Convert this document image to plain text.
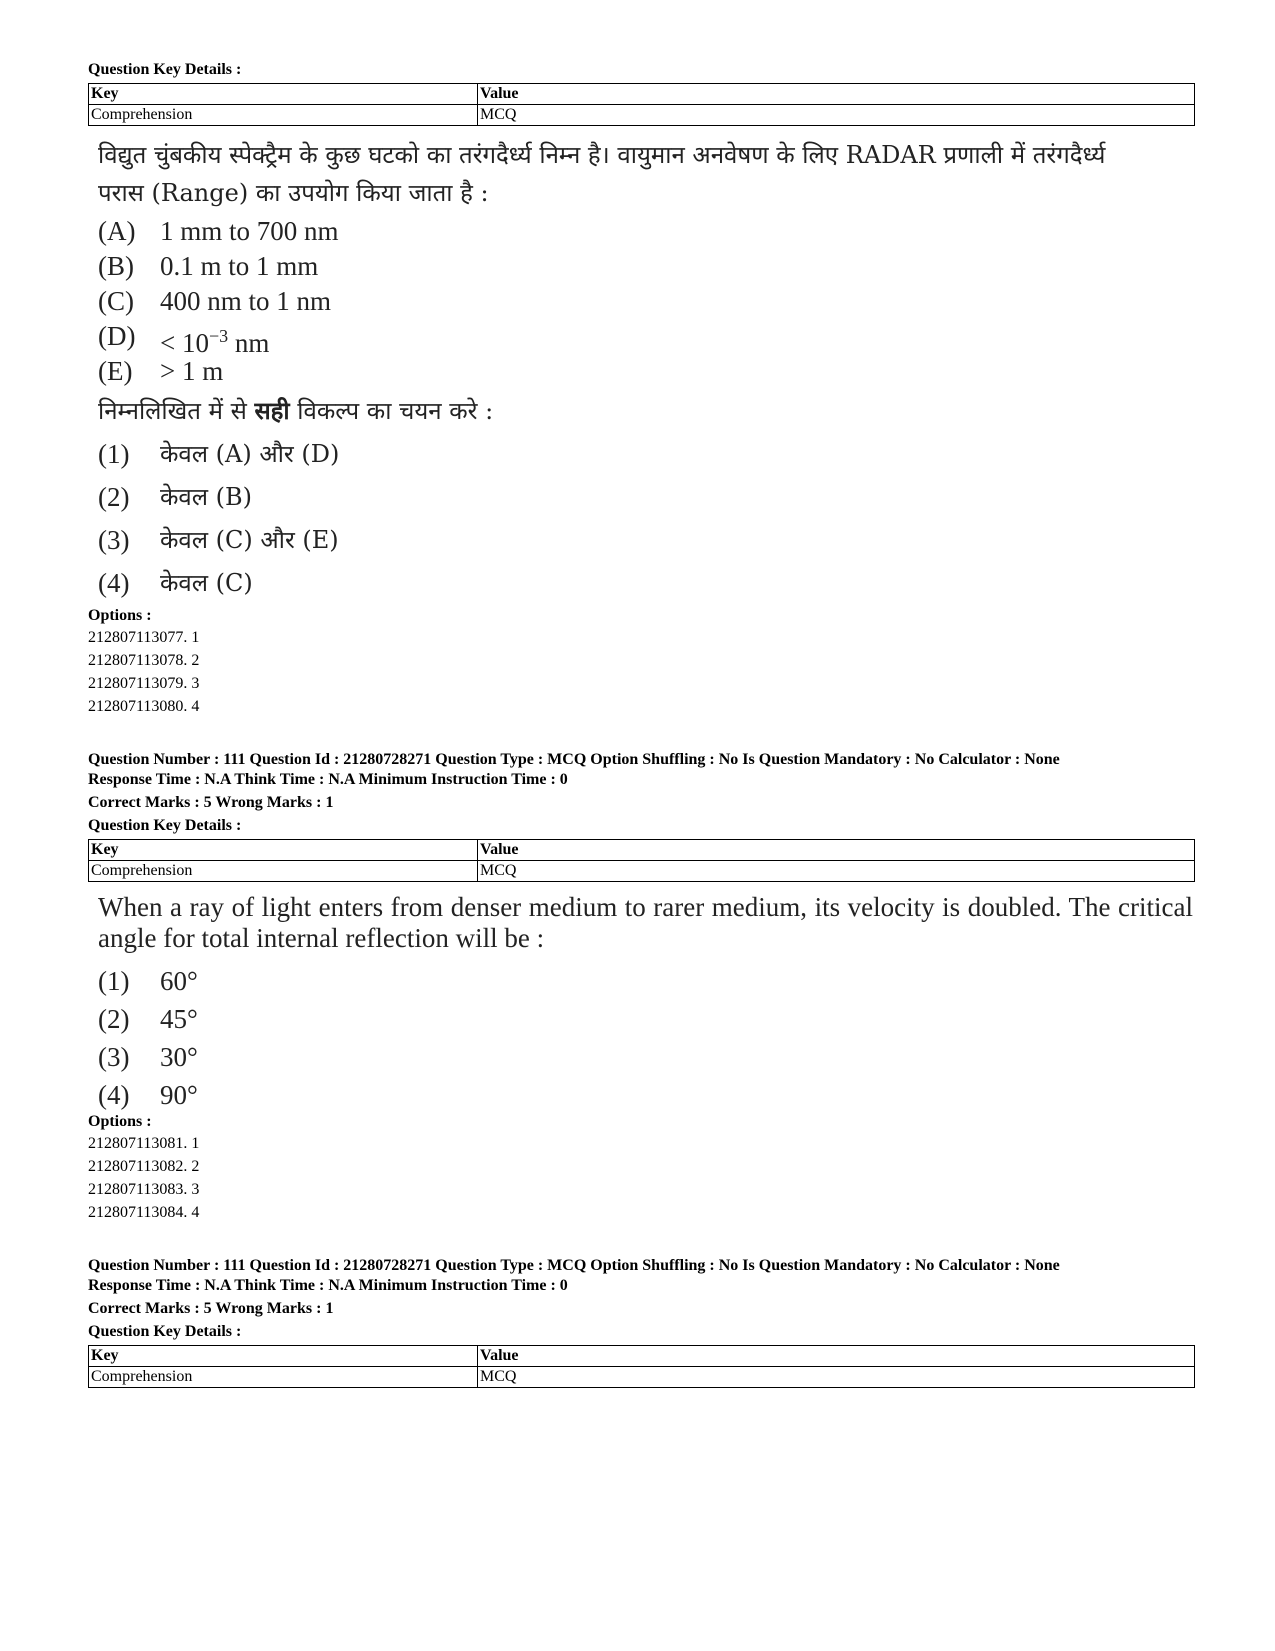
Question Key Details :

Key	Value
Comprehension	MCQ
विद्युत चुंबकीय स्पेक्ट्रैम के कुछ घटको का तरंगदैर्ध्य निम्न है। वायुमान अनवेषण के लिए RADAR प्रणाली में तरंगदैर्ध्य
परास (Range) का उपयोग किया जाता है :
(A) 1 mm to 700 nm
(B) 0.1 m to 1 mm
(C) 400 nm to 1 nm
$(D) < 10^{-3}$ nm
(E)	> 1 m
निम्नलिखित में से सही विकल्प का चयन करे :
(1)	केवल (A) और (D)
(2)	केवल (B)
(3)	केवल (C) और (E)
(4)	केवल (C)

Options :

212807113077. 1

212807113078. 2

212807113079. 3

212807113080. 4

Question Number : 111 Question Id : 21280728271 Question Type : MCQ Option Shuffling : No Is Question Mandatory : No Calculator : None

Response Time : N.A Think Time : N.A Minimum Instruction Time : 0

Correct Marks : 5 Wrong Marks : 1

Question Key Details :

Key	Value
Comprehension	MCQ
When a ray of light enters from denser medium to rarer medium, its velocity is doubled. The critical angle for total internal reflection will be :
(1)	60°
(2)	45°
(3)	30°
(4)	90°

Options :

212807113081. 1

212807113082. 2

212807113083. 3

212807113084. 4

Question Number : 111 Question Id : 21280728271 Question Type : MCQ Option Shuffling : No Is Question Mandatory : No Calculator : None

Response Time : N.A Think Time : N.A Minimum Instruction Time : 0

Correct Marks : 5 Wrong Marks : 1

Question Key Details :

Key	Value
Comprehension	MCQ
